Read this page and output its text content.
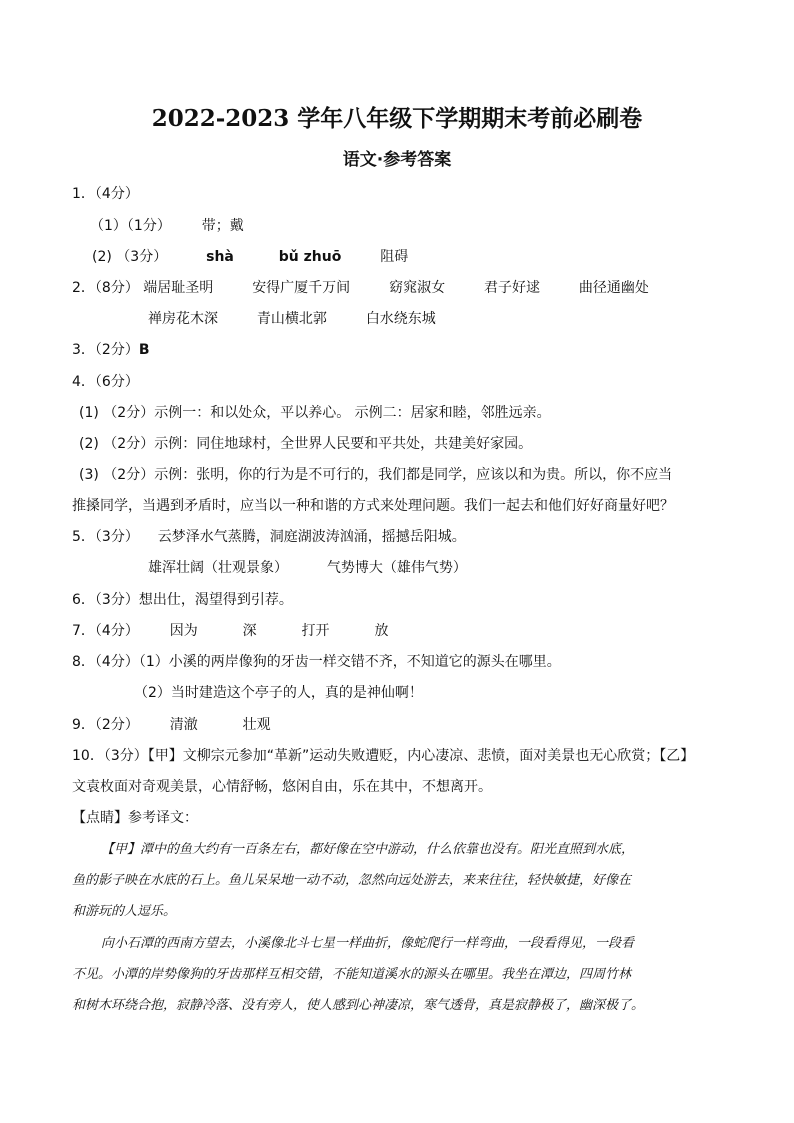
2022-2023 学年八年级下学期期末考前必刷卷
语文·参考答案
1．（4分）
（1）（1分） 带；戴
(2) （3分）	shà	bǔ zhuō	阻碍
2．（8分） 端居耻圣明	安得广厦千万间	窈窕淑女	君子好逑	曲径通幽处
禅房花木深	青山横北郭	白水绕东城
3．（2分）B
4．（6分）
(1) （2分）示例一：和以处众，平以养心。 示例二：居家和睦，邻胜远亲。
(2) （2分）示例：同住地球村，全世界人民要和平共处，共建美好家园。
(3) （2分）示例：张明，你的行为是不可行的，我们都是同学，应该以和为贵。所以，你不应当
推搡同学，当遇到矛盾时，应当以一种和谐的方式来处理问题。我们一起去和他们好好商量好吧？
5．（3分） 云梦泽水气蒸腾，洞庭湖波涛汹涌，摇撼岳阳城。
雄浑壮阔（壮观景象）	气势博大（雄伟气势）
6．（3分）想出仕，渴望得到引荐。
7．（4分） 因为	深	打开	放
8．（4分）（1）小溪的两岸像狗的牙齿一样交错不齐，不知道它的源头在哪里。
（2）当时建造这个亭子的人，真的是神仙啊！
9．（2分） 清澈	壮观
10．（3分）【甲】文柳宗元参加“革新”运动失败遭贬，内心凄凉、悲愤，面对美景也无心欣赏；【乙】
文袁枚面对奇观美景，心情舒畅，悠闲自由，乐在其中，不想离开。
【点睛】参考译文：
【甲】潭中的鱼大约有一百条左右，都好像在空中游动，什么依靠也没有。阳光直照到水底，
鱼的影子映在水底的石上。鱼儿呆呆地一动不动，忽然向远处游去，来来往往，轻快敏捷，好像在
和游玩的人逗乐。
向小石潭的西南方望去，小溪像北斗七星一样曲折，像蛇爬行一样弯曲，一段看得见，一段看
不见。小潭的岸势像狗的牙齿那样互相交错，不能知道溪水的源头在哪里。我坐在潭边，四周竹林
和树木环绕合抱，寂静冷落、没有旁人，使人感到心神凄凉，寒气透骨，真是寂静极了，幽深极了。
